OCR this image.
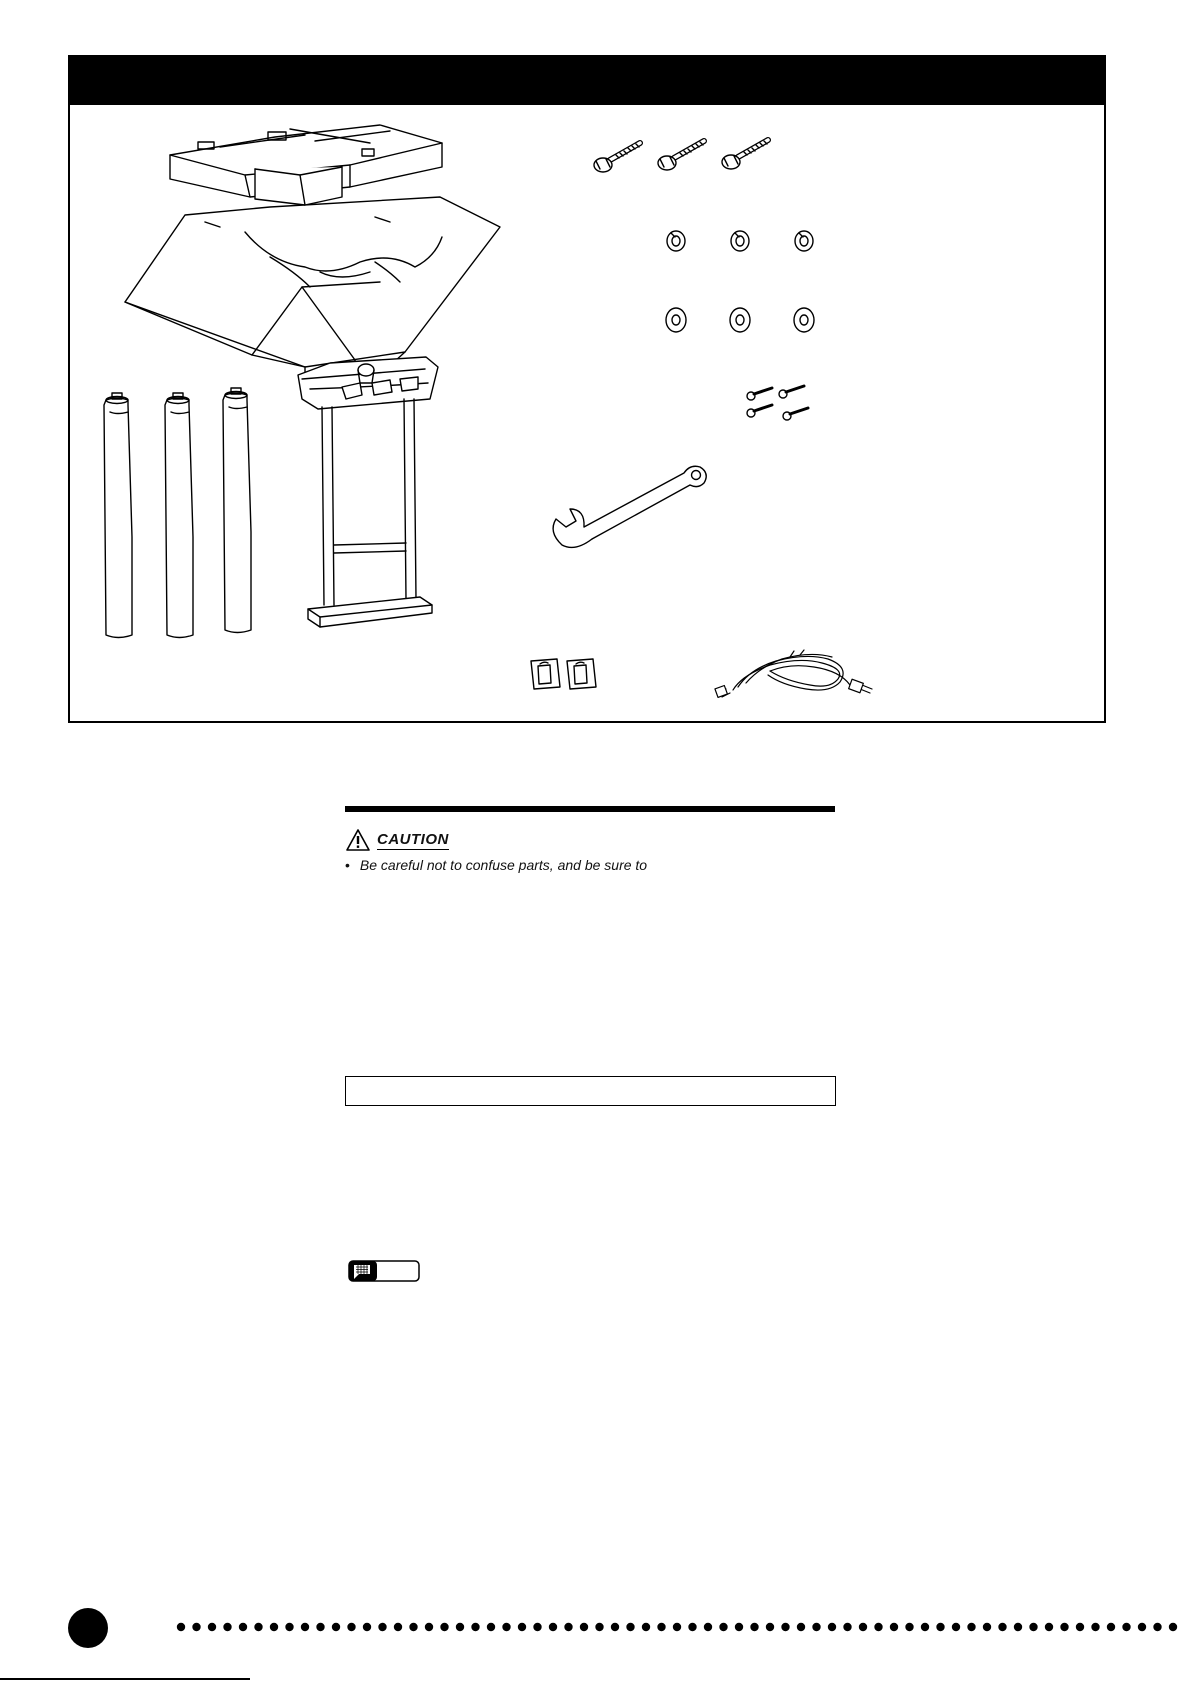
CAUTION
• Be careful not to confuse parts, and be sure to
